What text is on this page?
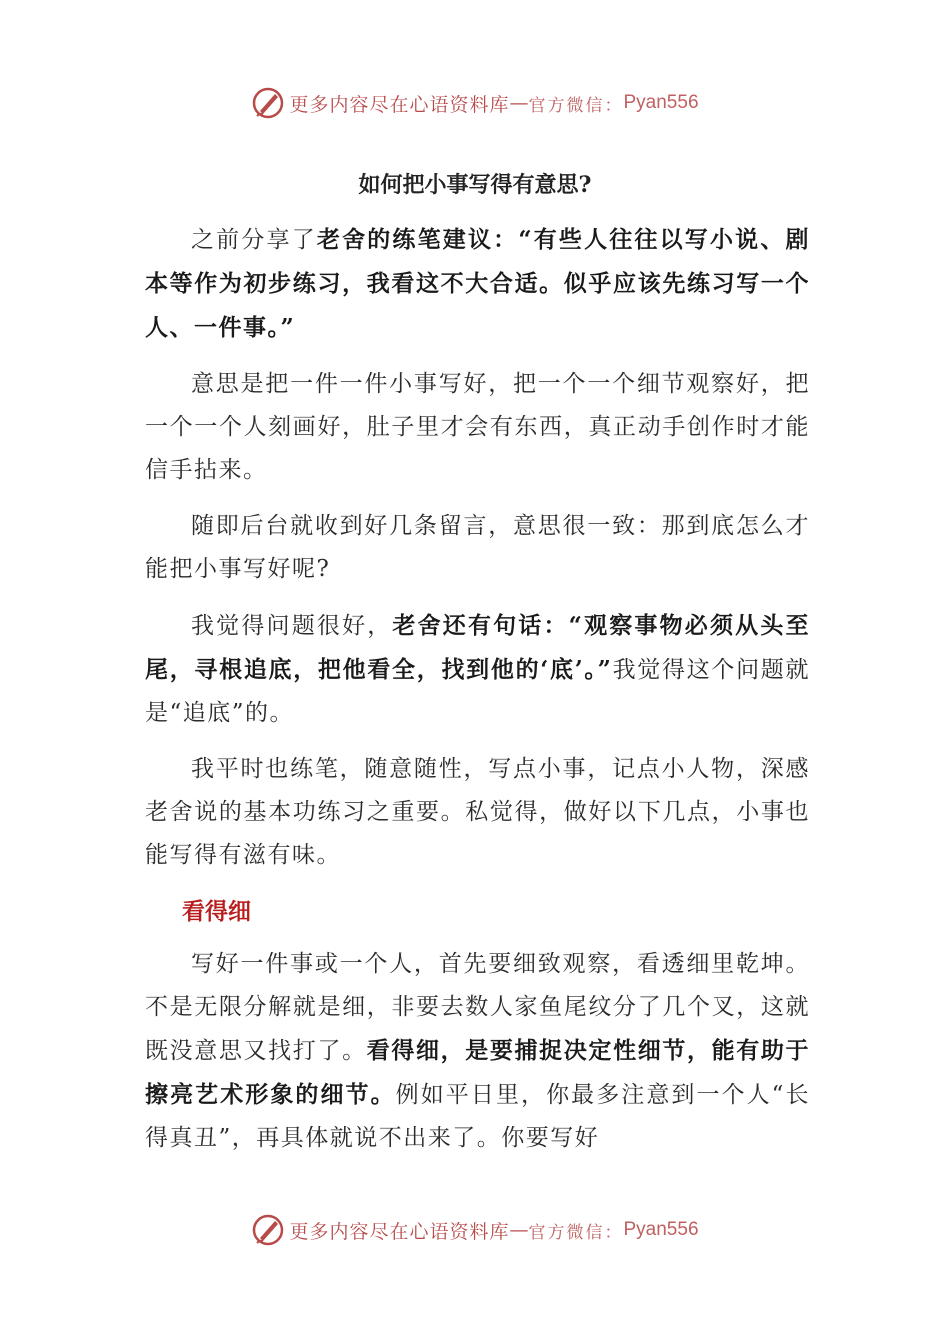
更多内容尽在心语资料库 — 官方微信： Pyan556
如何把小事写得有意思?

之前分享了老舍的练笔建议：“有些人往往以写小说、剧本等作为初步练习，我看这不大合适。似乎应该先练习写一个人、一件事。”

意思是把一件一件小事写好，把一个一个细节观察好，把一个一个人刻画好，肚子里才会有东西，真正动手创作时才能信手拈来。

随即后台就收到好几条留言，意思很一致：那到底怎么才能把小事写好呢?

我觉得问题很好，老舍还有句话：“观察事物必须从头至尾，寻根追底，把他看全，找到他的‘底’。”我觉得这个问题就是“追底”的。

我平时也练笔，随意随性，写点小事，记点小人物，深感老舍说的基本功练习之重要。私觉得，做好以下几点，小事也能写得有滋有味。

看得细

写好一件事或一个人，首先要细致观察，看透细里乾坤。不是无限分解就是细，非要去数人家鱼尾纹分了几个叉，这就既没意思又找打了。看得细，是要捕捉决定性细节，能有助于擦亮艺术形象的细节。例如平日里，你最多注意到一个人“长得真丑”，再具体就说不出来了。你要写好

更多内容尽在心语资料库 — 官方微信： Pyan556
